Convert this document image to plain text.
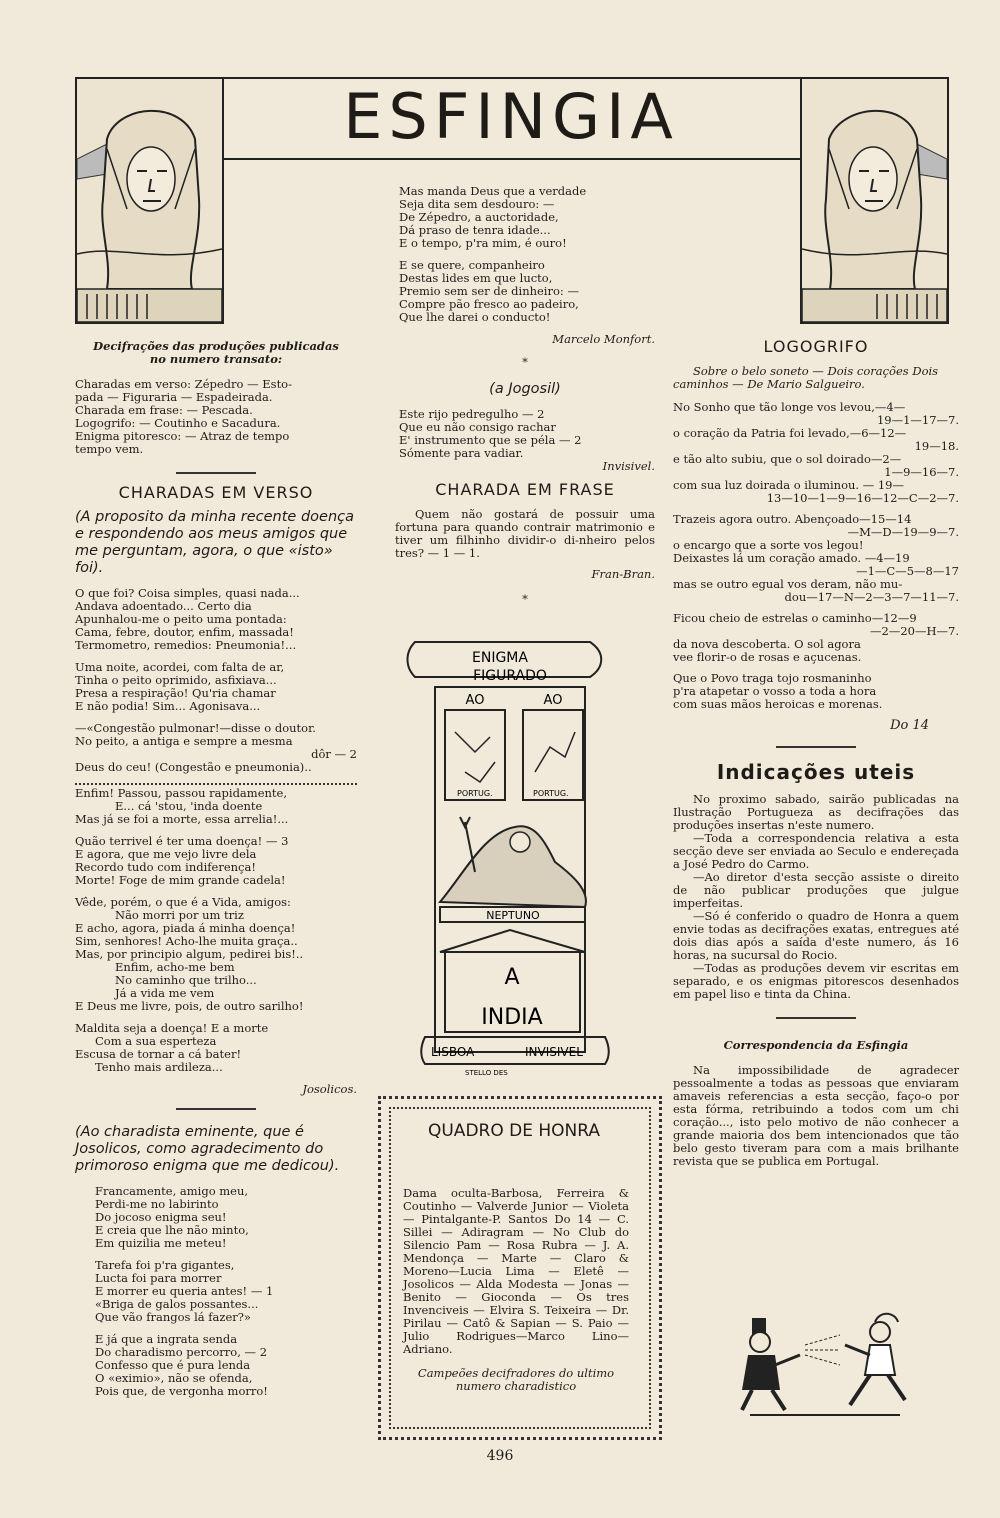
ESFINGIA

Decifrações das produções publicadas

no numero transato:

Charadas em verso: Zépedro — Esto-

pada — Figuraria — Espadeirada.

Charada em frase: — Pescada.

Logogrifo: — Coutinho e Sacadura.

Enigma pitoresco: — Atraz de tempo

tempo vem.

CHARADAS EM VERSO

(A proposito da minha recente doença e respondendo aos meus amigos que me perguntam, agora, o que «isto» foi).

O que foi? Coisa simples, quasi nada...

Andava adoentado... Certo dia

Apunhalou-me o peito uma pontada:

Cama, febre, doutor, enfim, massada!

Termometro, remedios: Pneumonia!...

Uma noite, acordei, com falta de ar,

Tinha o peito oprimido, asfixiava...

Presa a respiração! Qu'ria chamar

E não podia! Sim... Agonisava...

—«Congestão pulmonar!—disse o doutor.

No peito, a antiga e sempre a mesma

dôr — 2

Deus do ceu! (Congestão e pneumonia)..

Enfim! Passou, passou rapidamente,

E... cá 'stou, 'inda doente

Mas já se foi a morte, essa arrelia!...

Quão terrivel é ter uma doença! — 3

E agora, que me vejo livre dela

Recordo tudo com indiferença!

Morte! Foge de mim grande cadela!

Vêde, porém, o que é a Vida, amigos:

Não morri por um triz

E acho, agora, piada á minha doença!

Sim, senhores! Acho-lhe muita graça..

Mas, por principio algum, pedirei bis!..

Enfim, acho-me bem

No caminho que trilho...

Já a vida me vem

E Deus me livre, pois, de outro sarilho!

Maldita seja a doença! E a morte

Com a sua esperteza

Escusa de tornar a cá bater!

Tenho mais ardileza...

Josolicos.

(Ao charadista eminente, que é Josolicos, como agradecimento do primoroso enigma que me dedicou).

Francamente, amigo meu,

Perdi-me no labirinto

Do jocoso enigma seu!

E creia que lhe não minto,

Em quizilia me meteu!

Tarefa foi p'ra gigantes,

Lucta foi para morrer

E morrer eu queria antes! — 1

«Briga de galos possantes...

Que vão frangos lá fazer?»

E já que a ingrata senda

Do charadismo percorro, — 2

Confesso que é pura lenda

O «eximio», não se ofenda,

Pois que, de vergonha morro!

Mas manda Deus que a verdade

Seja dita sem desdouro: —

De Zépedro, a auctoridade,

Dá praso de tenra idade...

E o tempo, p'ra mim, é ouro!

E se quere, companheiro

Destas lides em que lucto,

Premio sem ser de dinheiro: —

Compre pão fresco ao padeiro,

Que lhe darei o conducto!

Marcelo Monfort.

*

(a Jogosil)

Este rijo pedregulho — 2

Que eu não consigo rachar

E' instrumento que se péla — 2

Sómente para vadiar.

Invisivel.

CHARADA EM FRASE

Quem não gostará de possuir uma fortuna para quando contrair matrimonio e tiver um filhinho dividir-o di-nheiro pelos tres? — 1 — 1.

Fran-Bran.

*

ENIGMA
FIGURADO
AO	AO
PORTUG.	PORTUG.
NEPTUNO
A
INDIA
LISBOA	INVISIVEL
STELLO DES
QUADRO DE HONRA
Dama oculta-Barbosa, Ferreira & Coutinho — Valverde Junior — Violeta — Pintalgante-P. Santos Do 14 — C. Sillei — Adiragram — No Club do Silencio Pam — Rosa Rubra — J. A. Mendonça — Marte — Claro & Moreno—Lucia Lima — Eletê — Josolicos — Alda Modesta — Jonas — Benito — Gioconda — Os tres Invenciveis — Elvira S. Teixeira — Dr. Pirilau — Catô & Sapian — S. Paio — Julio Rodrigues—Marco Lino—Adriano.
Campeões decifradores do ultimo numero charadistico

LOGOGRIFO

Sobre o belo soneto — Dois corações Dois caminhos — De Mario Salgueiro.

No Sonho que tão longe vos levou,—4—

19—1—17—7.

o coração da Patria foi levado,—6—12—

19—18.

e tão alto subiu, que o sol doirado—2—

1—9—16—7.

com sua luz doirada o iluminou. — 19—

13—10—1—9—16—12—C—2—7.

Trazeis agora outro. Abençoado—15—14

—M—D—19—9—7.

o encargo que a sorte vos legou!

Deixastes lá um coração amado. —4—19

—1—C—5—8—17

mas se outro egual vos deram, não mu-

dou—17—N—2—3—7—11—7.

Ficou cheio de estrelas o caminho—12—9

—2—20—H—7.

da nova descoberta. O sol agora

vee florir-o de rosas e açucenas.

Que o Povo traga tojo rosmaninho

p'ra atapetar o vosso a toda a hora

com suas mãos heroicas e morenas.

Do 14

Indicações uteis

No proximo sabado, sairão publicadas na Ilustração Portugueza as decifrações das produções insertas n'este numero.

—Toda a correspondencia relativa a esta secção deve ser enviada ao Seculo e endereçada a José Pedro do Carmo.

—Ao diretor d'esta secção assiste o direito de não publicar produções que julgue imperfeitas.

—Só é conferido o quadro de Honra a quem envie todas as decifrações exatas, entregues até dois dias após a saída d'este numero, ás 16 horas, na sucursal do Rocio.

—Todas as produções devem vir escritas em separado, e os enigmas pitorescos desenhados em papel liso e tinta da China.

Correspondencia da Esfingia

Na impossibilidade de agradecer pessoalmente a todas as pessoas que enviaram amaveis referencias a esta secção, faço-o por esta fórma, retribuindo a todos com um chi coração..., isto pelo motivo de não conhecer a grande maioria dos bem intencionados que tão belo gesto tiveram para com a mais brilhante revista que se publica em Portugal.

496
